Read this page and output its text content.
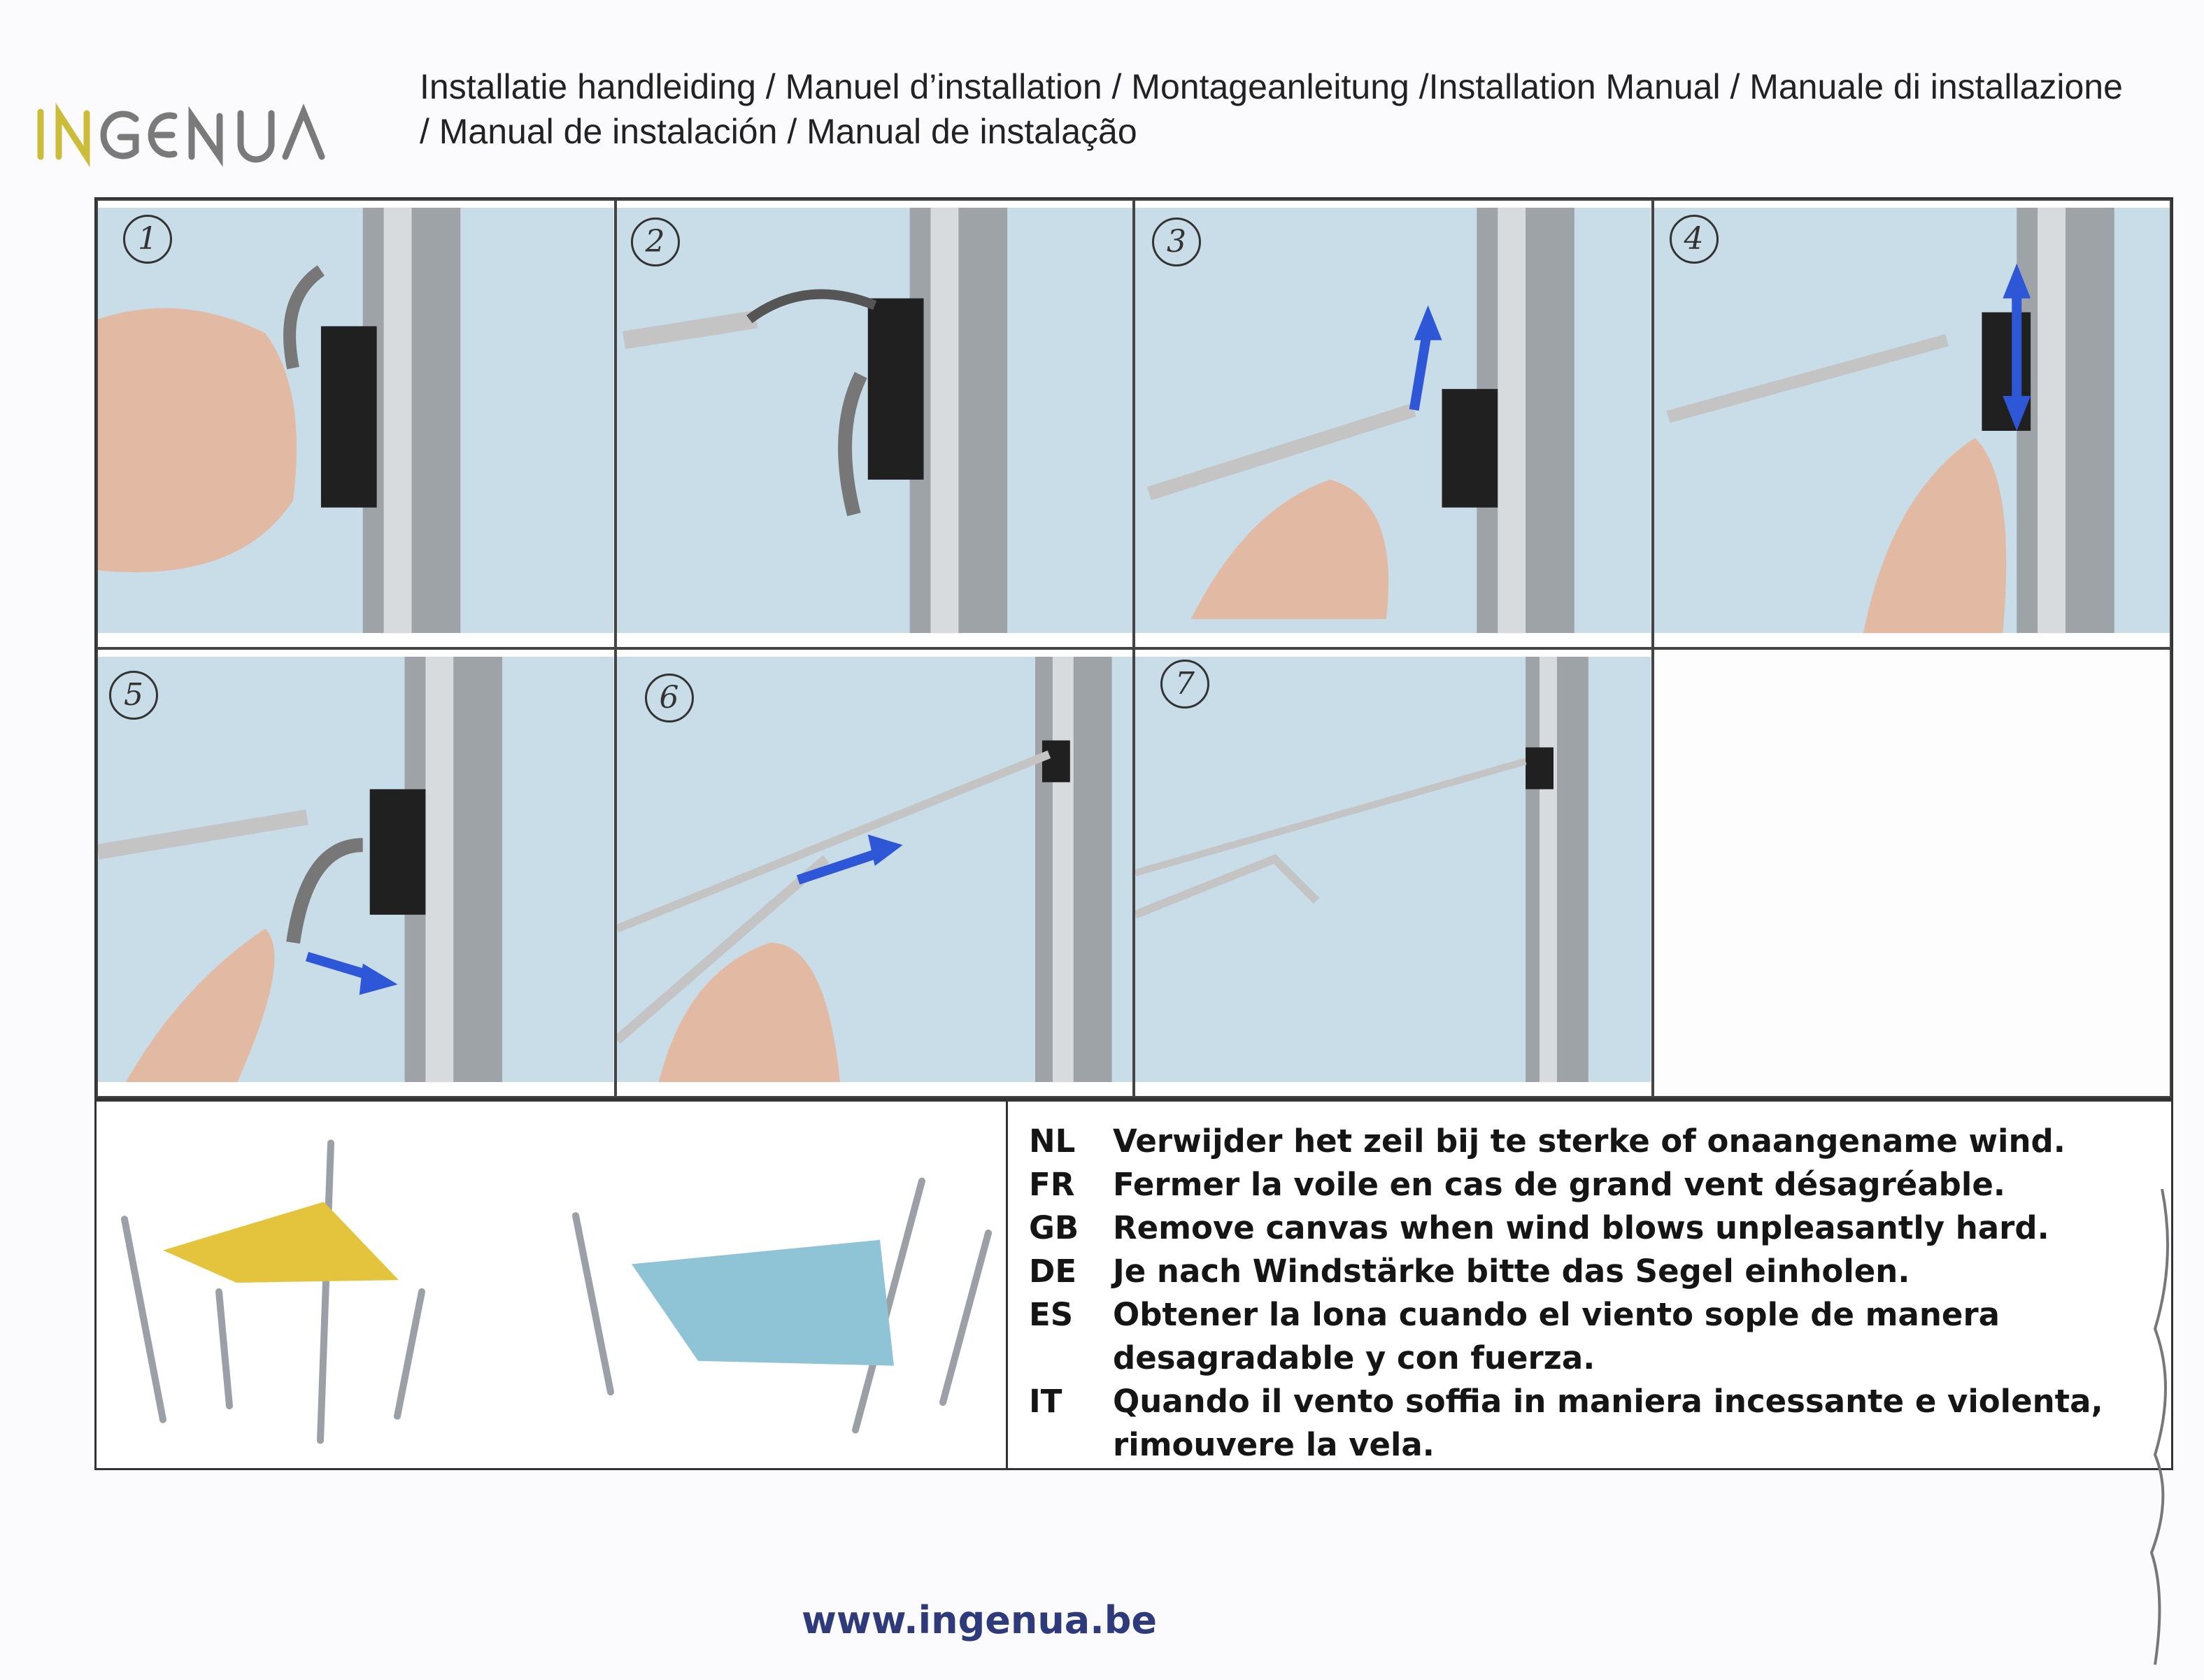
Installatie handleiding / Manuel d’installation / Montageanleitung /Installation Manual / Manuale di installazione
/ Manual de instalación / Manual de instalação
1	2	3	4
5	6	7
NL	Verwijder het zeil bij te sterke of onaangename wind.
FR	Fermer la voile en cas de grand vent désagréable.
GB	Remove canvas when wind blows unpleasantly hard.
DE	Je nach Windstärke bitte das Segel einholen.
ES	Obtener la lona cuando el viento sople de manera
desagradable y con fuerza.
IT	Quando il vento soffia in maniera incessante e violenta,
rimouvere la vela.
www.ingenua.be
